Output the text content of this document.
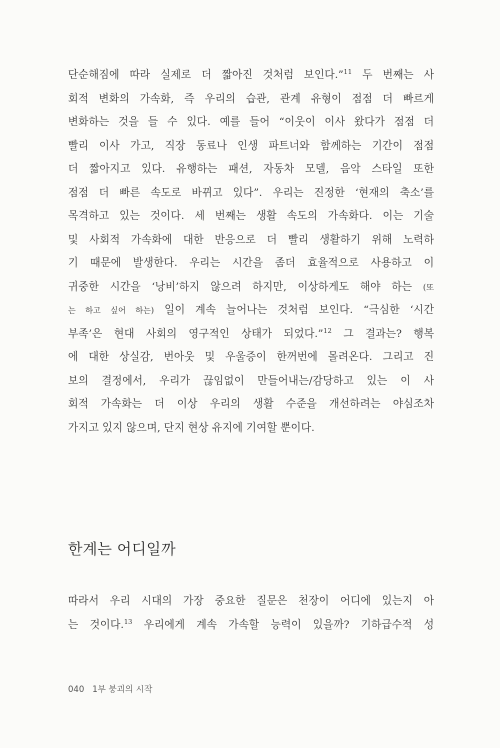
단순해짐에 따라 실제로 더 짧아진 것처럼 보인다.”$^{11}$ 두 번째는 사
회적 변화의 가속화, 즉 우리의 습관, 관계 유형이 점점 더 빠르게
변화하는 것을 들 수 있다. 예를 들어 “이웃이 이사 왔다가 점점 더
빨리 이사 가고, 직장 동료나 인생 파트너와 함께하는 기간이 점점
더 짧아지고 있다. 유행하는 패션, 자동차 모델, 음악 스타일 또한
점점 더 빠른 속도로 바뀌고 있다”. 우리는 진정한 ‘현재의 축소’를
목격하고 있는 것이다. 세 번째는 생활 속도의 가속화다. 이는 기술
및 사회적 가속화에 대한 반응으로 더 빨리 생활하기 위해 노력하
기 때문에 발생한다. 우리는 시간을 좀더 효율적으로 사용하고 이
귀중한 시간을 ‘낭비’하지 않으려 하지만, 이상하게도 해야 하는 (또
는 하고 싶어 하는) 일이 계속 늘어나는 것처럼 보인다. “극심한 ‘시간
부족’은 현대 사회의 영구적인 상태가 되었다.”$^{12}$ 그 결과는? 행복
에 대한 상실감, 번아웃 및 우울증이 한꺼번에 몰려온다. 그리고 진
보의 결정에서, 우리가 끊임없이 만들어내는/감당하고 있는 이 사
회적 가속화는 더 이상 우리의 생활 수준을 개선하려는 야심조차
가지고 있지 않으며, 단지 현상 유지에 기여할 뿐이다.
한계는 어디일까
따라서 우리 시대의 가장 중요한 질문은 천장이 어디에 있는지 아
는 것이다.$^{13}$ 우리에게 계속 가속할 능력이 있을까? 기하급수적 성
040 1부 붕괴의 시작
